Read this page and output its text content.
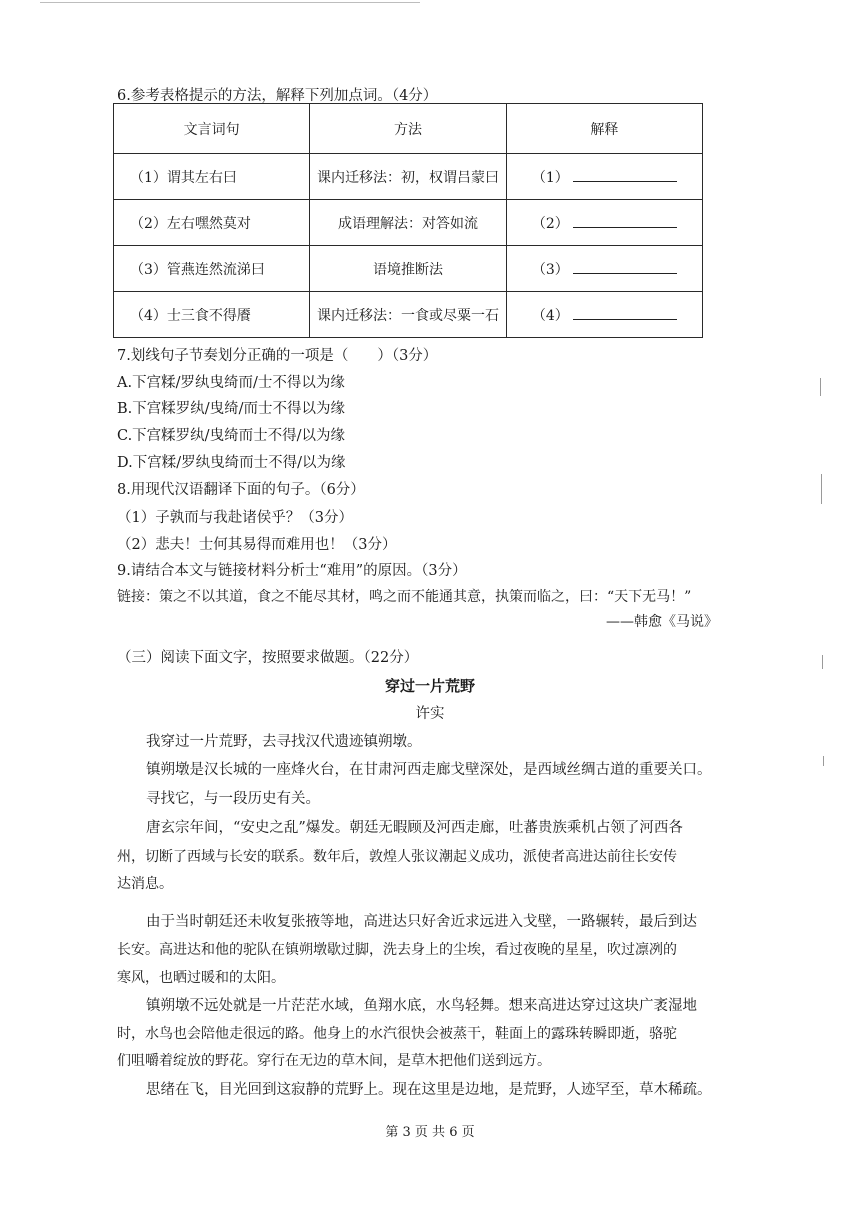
6.参考表格提示的方法，解释下列加点词。（4分）
文言词句	方法	解释
（1）谓其左右曰	课内迁移法：初，权谓吕蒙曰	（1）
（2）左右嘿然莫对	成语理解法：对答如流	（2）
（3）管燕连然流涕曰	语境推断法	（3）
（4）士三食不得餍	课内迁移法：一食或尽粟一石	（4）
7.划线句子节奏划分正确的一项是（　　）（3分）
A.下宫糅/罗纨曳绮而/士不得以为缘
B.下宫糅罗纨/曳绮/而士不得以为缘
C.下宫糅罗纨/曳绮而士不得/以为缘
D.下宫糅/罗纨曳绮而士不得/以为缘
8.用现代汉语翻译下面的句子。（6分）
（1）子孰而与我赴诸侯乎？（3分）
（2）悲夫！士何其易得而难用也！（3分）
9.请结合本文与链接材料分析士“难用”的原因。（3分）
链接：策之不以其道，食之不能尽其材，鸣之而不能通其意，执策而临之，曰：“天下无马！”
——韩愈《马说》
（三）阅读下面文字，按照要求做题。（22分）
穿过一片荒野
许实
我穿过一片荒野，去寻找汉代遗迹镇朔墩。
镇朔墩是汉长城的一座烽火台，在甘肃河西走廊戈壁深处，是西域丝绸古道的重要关口。
寻找它，与一段历史有关。
唐玄宗年间，“安史之乱”爆发。朝廷无暇顾及河西走廊，吐蕃贵族乘机占领了河西各
州，切断了西域与长安的联系。数年后，敦煌人张议潮起义成功，派使者高进达前往长安传
达消息。
由于当时朝廷还未收复张掖等地，高进达只好舍近求远进入戈壁，一路辗转，最后到达
长安。高进达和他的驼队在镇朔墩歇过脚，洗去身上的尘埃，看过夜晚的星星，吹过凛冽的
寒风，也晒过暖和的太阳。
镇朔墩不远处就是一片茫茫水域，鱼翔水底，水鸟轻舞。想来高进达穿过这块广袤湿地
时，水鸟也会陪他走很远的路。他身上的水汽很快会被蒸干，鞋面上的露珠转瞬即逝，骆驼
们咀嚼着绽放的野花。穿行在无边的草木间，是草木把他们送到远方。
思绪在飞，目光回到这寂静的荒野上。现在这里是边地，是荒野，人迹罕至，草木稀疏。
第 3 页 共 6 页
